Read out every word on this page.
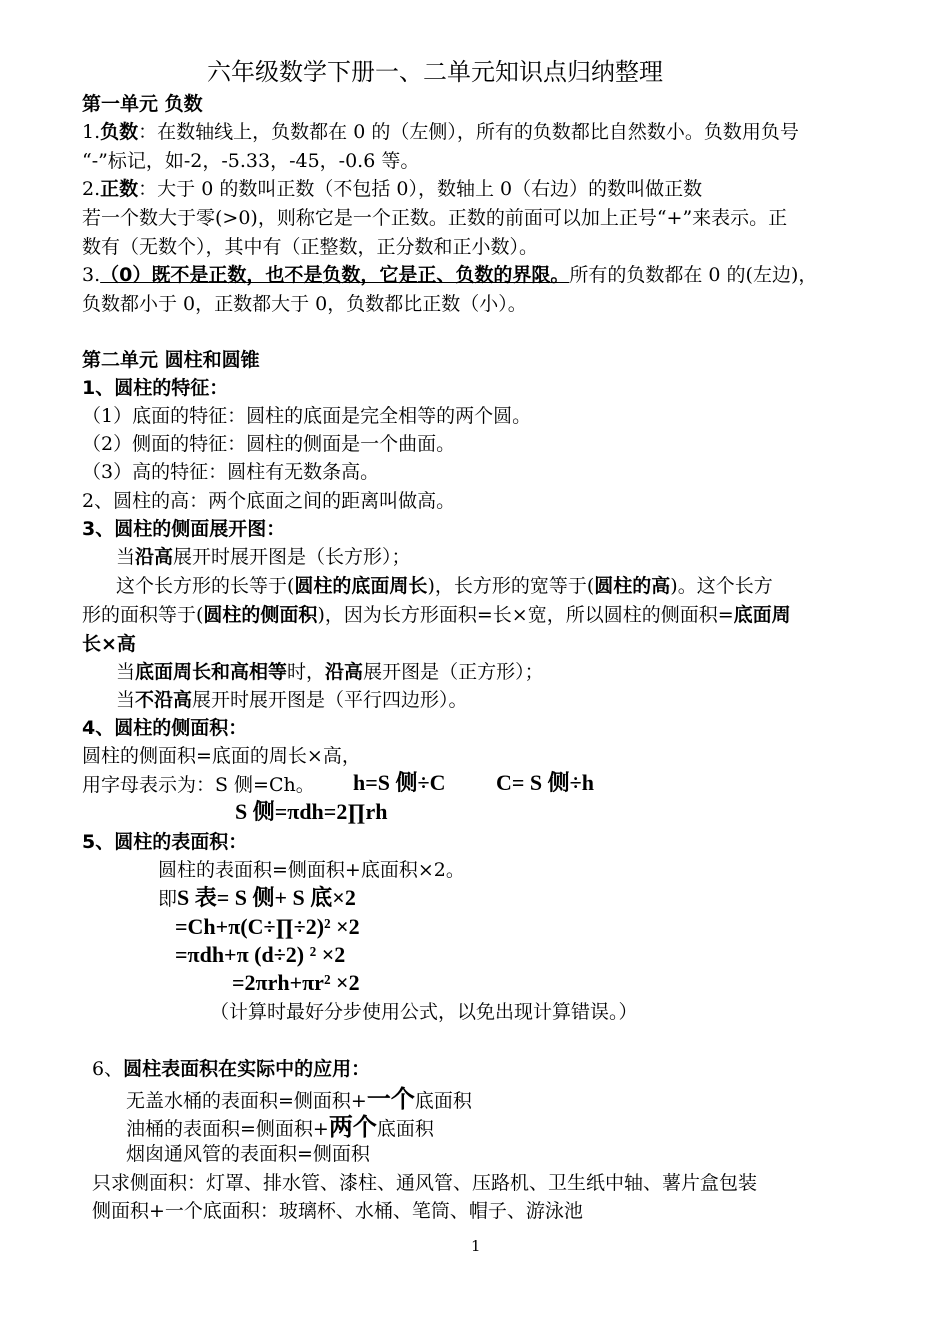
六年级数学下册一、二单元知识点归纳整理
第一单元 负数
1.负数：在数轴线上，负数都在 0 的（左侧），所有的负数都比自然数小。负数用负号
“-”标记，如-2，-5.33，-45，-0.6 等。
2.正数：大于 0 的数叫正数（不包括 0），数轴上 0（右边）的数叫做正数
若一个数大于零(>0)，则称它是一个正数。正数的前面可以加上正号“+”来表示。正
数有（无数个），其中有（正整数，正分数和正小数）。
3.（0）既不是正数，也不是负数，它是正、负数的界限。所有的负数都在 0 的(左边)，
负数都小于 0，正数都大于 0，负数都比正数（小）。
第二单元 圆柱和圆锥
1、圆柱的特征：
（1）底面的特征：圆柱的底面是完全相等的两个圆。
（2）侧面的特征：圆柱的侧面是一个曲面。
（3）高的特征：圆柱有无数条高。
2、圆柱的高：两个底面之间的距离叫做高。
3、圆柱的侧面展开图：
当沿高展开时展开图是（长方形）；
这个长方形的长等于(圆柱的底面周长)，长方形的宽等于(圆柱的高)。这个长方
形的面积等于(圆柱的侧面积)，因为长方形面积=长×宽，所以圆柱的侧面积=底面周
长×高
当底面周长和高相等时，沿高展开图是（正方形）；
当不沿高展开时展开图是（平行四边形）。
4、圆柱的侧面积：
圆柱的侧面积=底面的周长×高，
用字母表示为：S 侧=Ch。 h=S 侧÷C C= S 侧÷h
S 侧=πdh=2∏rh
5、圆柱的表面积：
圆柱的表面积=侧面积+底面积×2。
即S 表= S 侧+ S 底×2
=Ch+π(C÷∏÷2)² ×2
=πdh+π (d÷2) ² ×2
=2πrh+πr² ×2
（计算时最好分步使用公式，以免出现计算错误。）
6、圆柱表面积在实际中的应用：
无盖水桶的表面积=侧面积+一个底面积
油桶的表面积=侧面积+两个底面积
烟囱通风管的表面积=侧面积
只求侧面积：灯罩、排水管、漆柱、通风管、压路机、卫生纸中轴、薯片盒包装
侧面积+一个底面积：玻璃杯、水桶、笔筒、帽子、游泳池
1
